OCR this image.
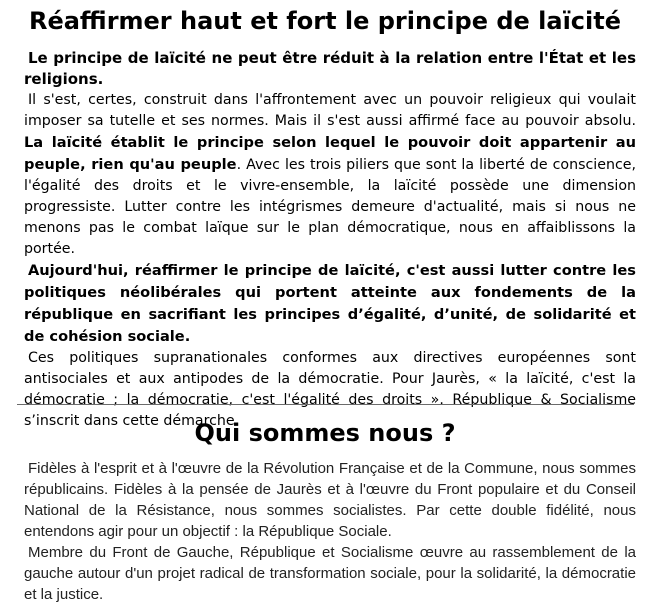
Réaffirmer haut et fort le principe de laïcité

Le principe de laïcité ne peut être réduit à la relation entre l'État et les religions.

Il s'est, certes, construit dans l'affrontement avec un pouvoir religieux qui voulait imposer sa tutelle et ses normes. Mais il s'est aussi affirmé face au pouvoir absolu. La laïcité établit le principe selon lequel le pouvoir doit appartenir au peuple, rien qu'au peuple. Avec les trois piliers que sont la liberté de conscience, l'égalité des droits et le vivre-ensemble, la laïcité possède une dimension progressiste. Lutter contre les intégrismes demeure d'actualité, mais si nous ne menons pas le combat laïque sur le plan démocratique, nous en affaiblissons la portée.

Aujourd'hui, réaffirmer le principe de laïcité, c'est aussi lutter contre les politiques néolibérales qui portent atteinte aux fondements de la république en sacrifiant les principes d’égalité, d’unité, de solidarité et de cohésion sociale.

Ces politiques supranationales conformes aux directives européennes sont antisociales et aux antipodes de la démocratie. Pour Jaurès, « la laïcité, c'est la démocratie ; la démocratie, c'est l'égalité des droits ». République & Socialisme s’inscrit dans cette démarche.

Qui sommes nous ?

Fidèles à l'esprit et à l'œuvre de la Révolution Française et de la Commune, nous sommes républicains. Fidèles à la pensée de Jaurès et à l'œuvre du Front populaire et du Conseil National de la Résistance, nous sommes socialistes. Par cette double fidélité, nous entendons agir pour un objectif : la République Sociale.

Membre du Front de Gauche, République et Socialisme œuvre au rassemblement de la gauche autour d'un projet radical de transformation sociale, pour la solidarité, la démocratie et la justice.
